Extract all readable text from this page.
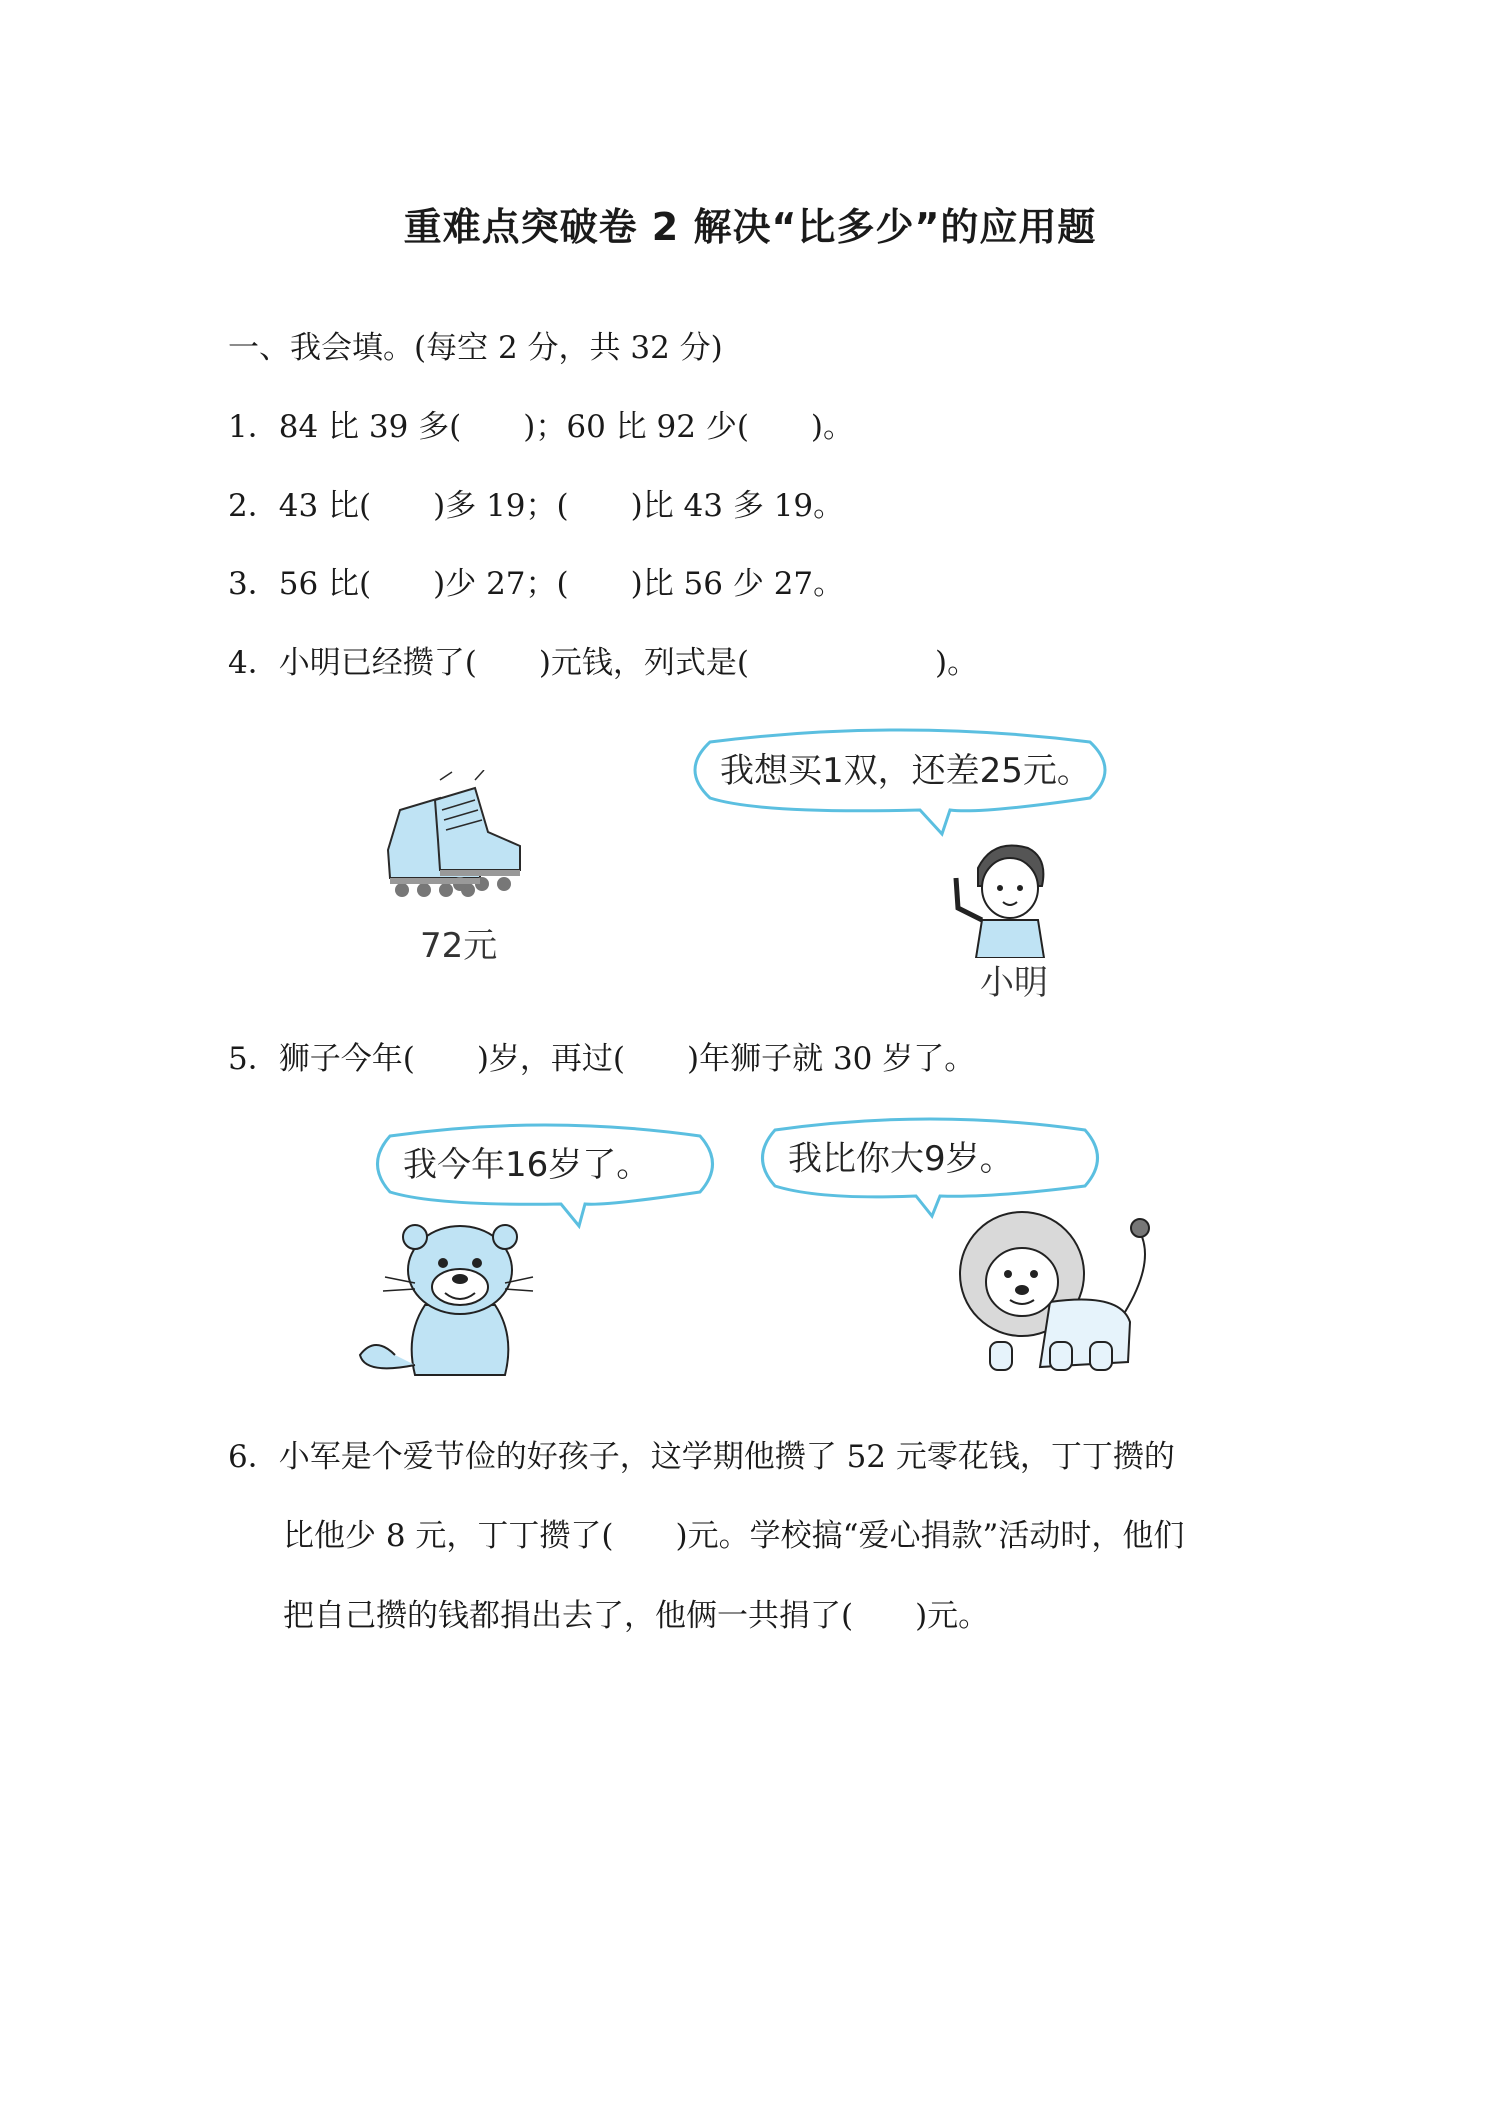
重难点突破卷 2 解决“比多少”的应用题
一、我会填。(每空 2 分，共 32 分)
1．84 比 39 多(　　)；60 比 92 少(　　)。
2．43 比(　　)多 19；(　　)比 43 多 19。
3．56 比(　　)少 27；(　　)比 56 少 27。
4．小明已经攒了(　　)元钱，列式是(　　　　　　)。
72元
我想买1双，还差25元。
小明
5．狮子今年(　　)岁，再过(　　)年狮子就 30 岁了。
我今年16岁了。	我比你大9岁。
6．小军是个爱节俭的好孩子，这学期他攒了 52 元零花钱，丁丁攒的
比他少 8 元，丁丁攒了(　　)元。学校搞“爱心捐款”活动时，他们
把自己攒的钱都捐出去了，他俩一共捐了(　　)元。
